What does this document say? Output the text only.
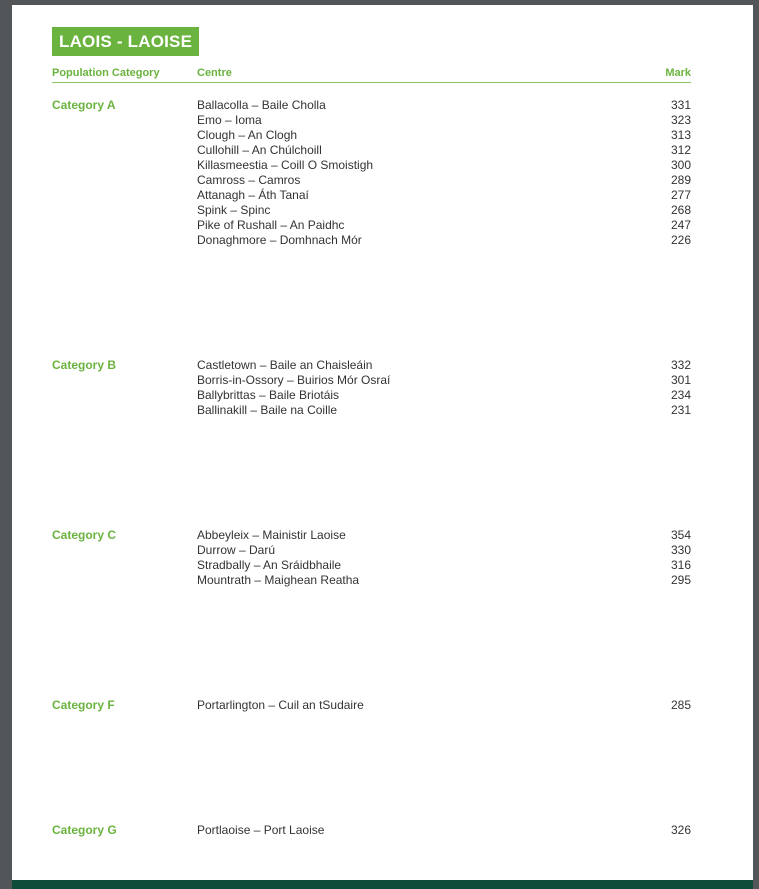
LAOIS - LAOISE
Population Category	Centre	Mark
Category A	Ballacolla – Baile Cholla	331
Emo – Ioma	323
Clough – An Clogh	313
Cullohill – An Chúlchoill	312
Killasmeestia – Coill O Smoistigh	300
Camross – Camros	289
Attanagh – Áth Tanaí	277
Spink – Spinc	268
Pike of Rushall – An Paidhc	247
Donaghmore – Domhnach Mór	226
Category B	Castletown – Baile an Chaisleáin	332
Borris-in-Ossory – Buirios Mór Osraí	301
Ballybrittas – Baile Briotáis	234
Ballinakill – Baile na Coille	231
Category C	Abbeyleix – Mainistir Laoise	354
Durrow – Darú	330
Stradbally – An Sráidbhaile	316
Mountrath – Maighean Reatha	295
Category F	Portarlington – Cuil an tSudaire	285
Category G	Portlaoise – Port Laoise	326
